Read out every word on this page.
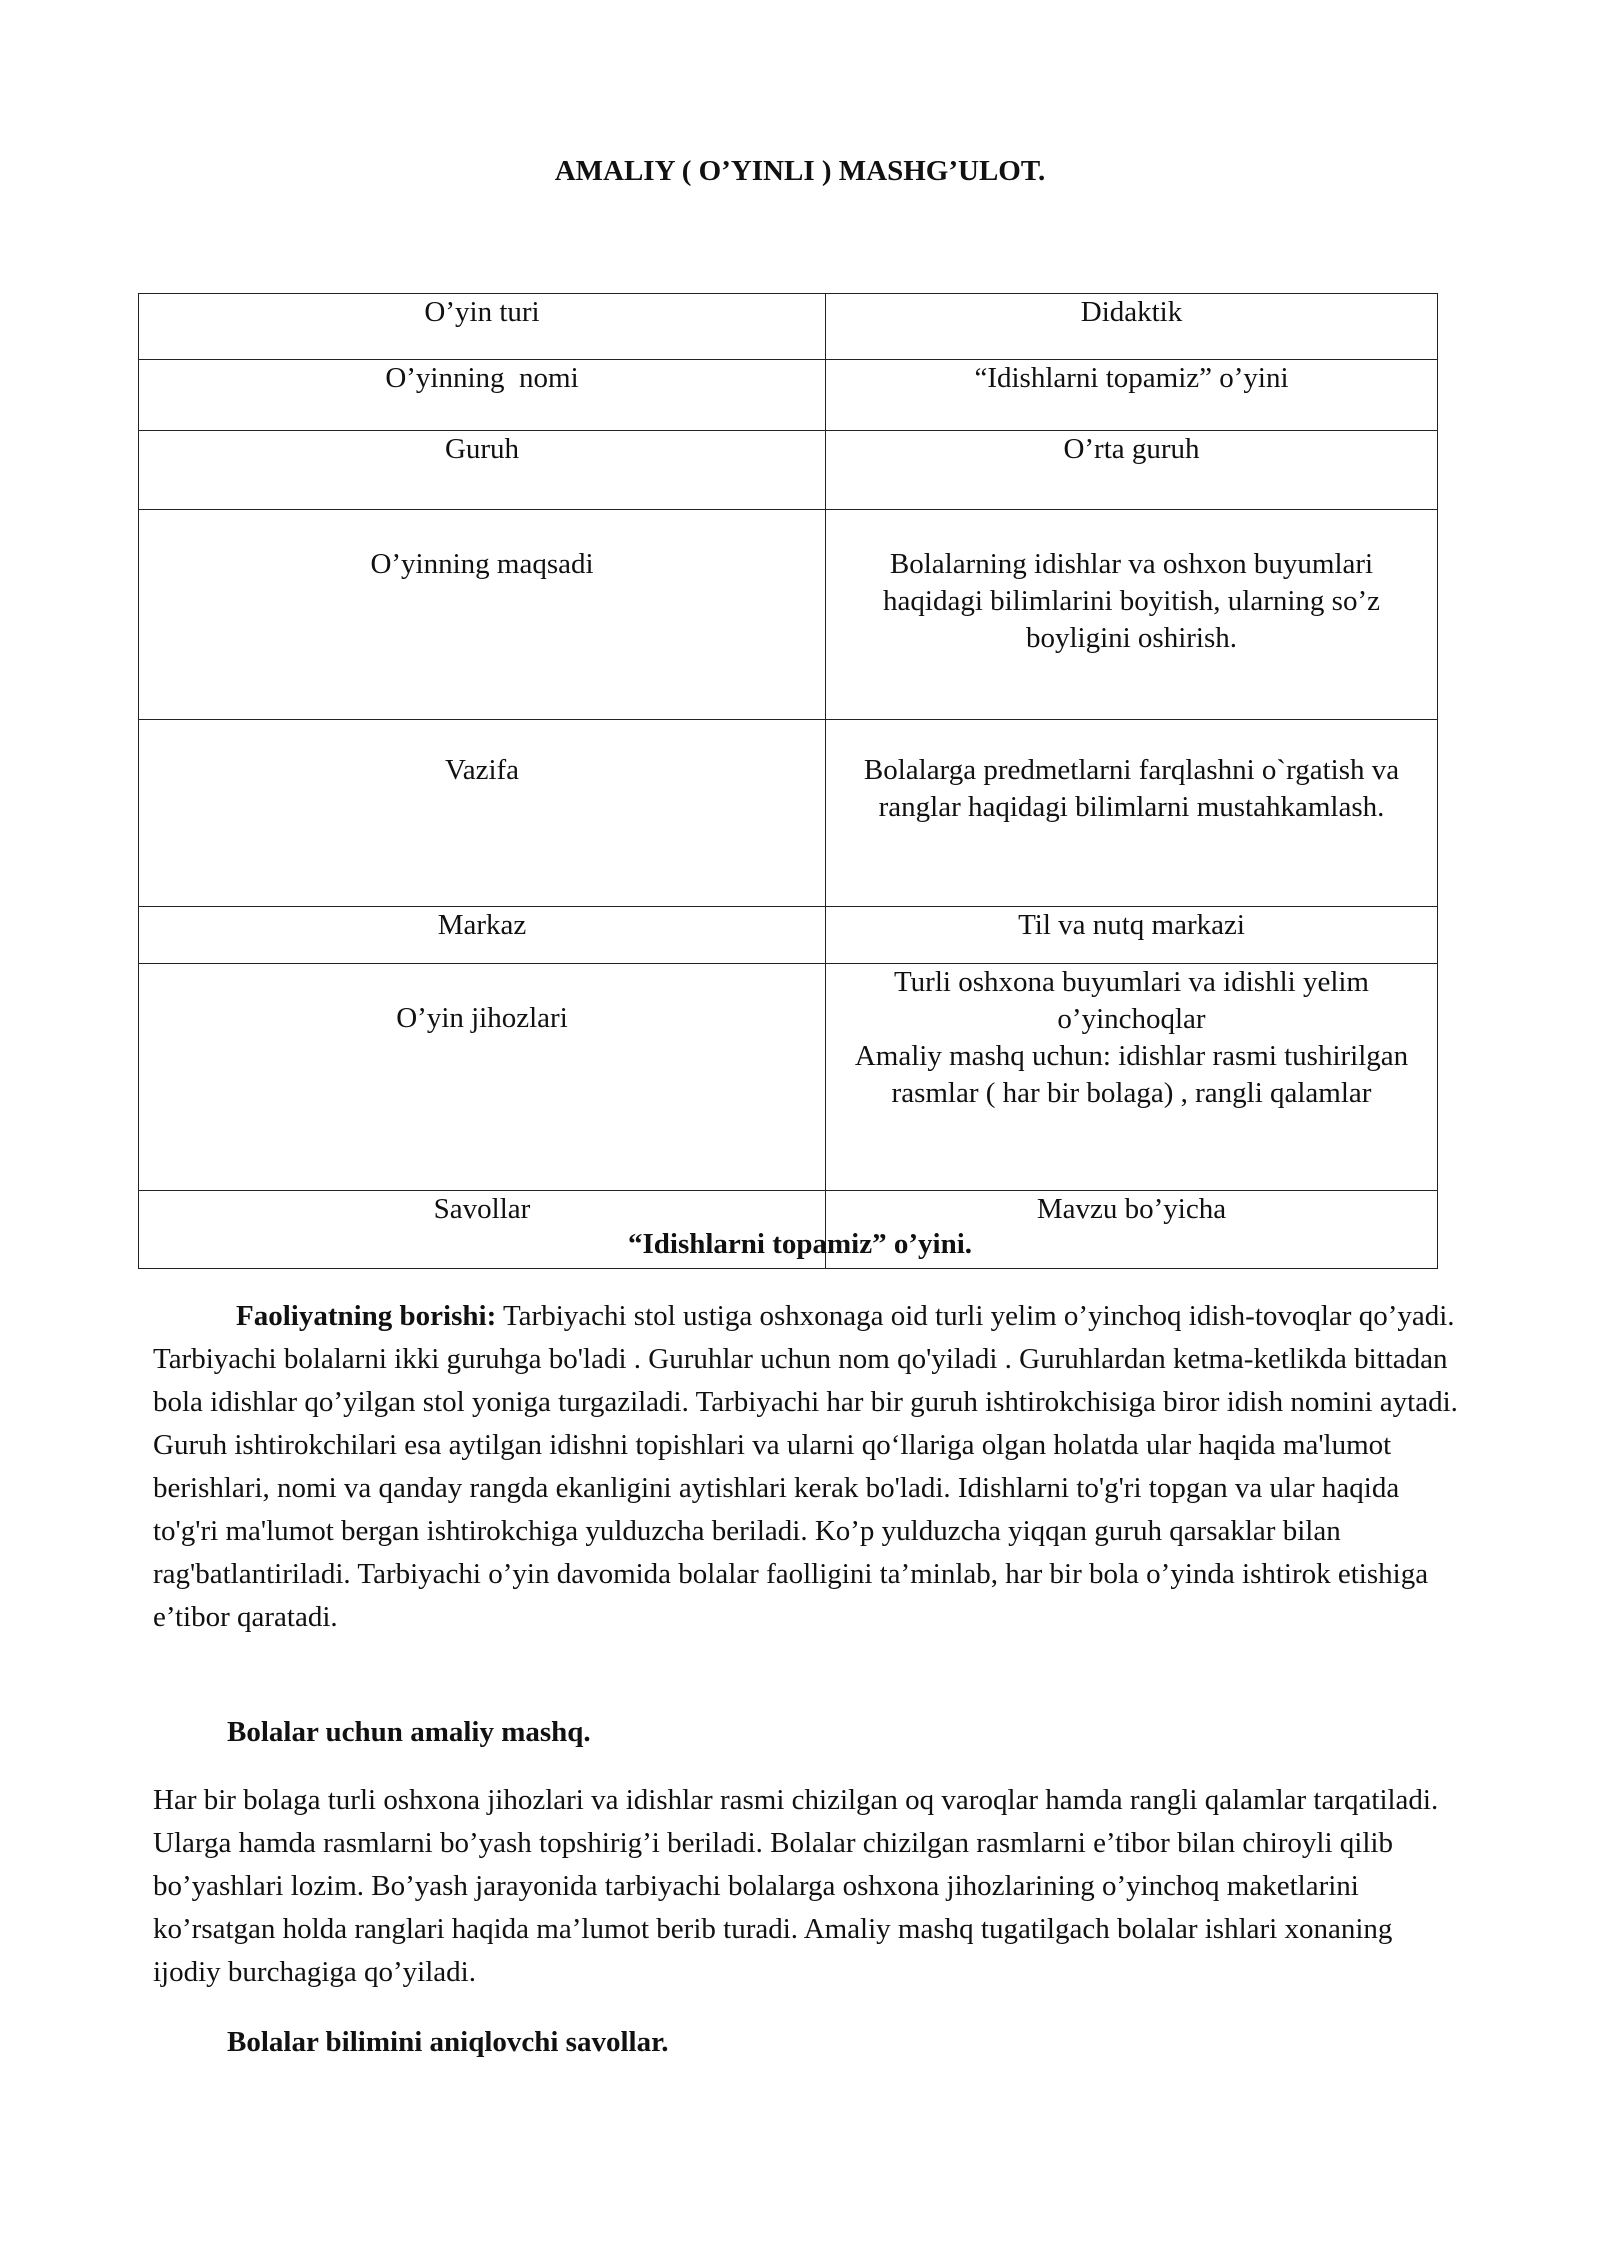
AMALIY ( O’YINLI ) MASHG’ULOT.
O’yin turi	Didaktik
O’yinning  nomi	“Idishlarni topamiz” o’yini
Guruh	O’rta guruh
O’yinning maqsadi	Bolalarning idishlar va oshxon buyumlari haqidagi bilimlarini boyitish, ularning so’z boyligini oshirish.
Vazifa	Bolalarga predmetlarni farqlashni o`rgatish va ranglar haqidagi bilimlarni mustahkamlash.
Markaz	Til va nutq markazi
O’yin jihozlari	Turli oshxona buyumlari va idishli yelim o’yinchoqlar
Amaliy mashq uchun: idishlar rasmi tushirilgan rasmlar ( har bir bolaga) , rangli qalamlar

Savollar	Mavzu bo’yicha
“Idishlarni topamiz” o’yini.
Faoliyatning borishi: Tarbiyachi stol ustiga oshxonaga oid turli yelim o’yinchoq idish-tovoqlar qo’yadi. Tarbiyachi bolalarni ikki guruhga bo'ladi . Guruhlar uchun nom qo'yiladi . Guruhlardan ketma-ketlikda bittadan bola idishlar qo’yilgan stol yoniga turgaziladi. Tarbiyachi har bir guruh ishtirokchisiga biror idish nomini aytadi. Guruh ishtirokchilari esa aytilgan idishni topishlari va ularni qo‘llariga olgan holatda ular haqida ma'lumot berishlari, nomi va qanday rangda ekanligini aytishlari kerak bo'ladi. Idishlarni to'g'ri topgan va ular haqida to'g'ri ma'lumot bergan ishtirokchiga yulduzcha beriladi. Ko’p yulduzcha yiqqan guruh qarsaklar bilan rag'batlantiriladi. Tarbiyachi o’yin davomida bolalar faolligini ta’minlab, har bir bola o’yinda ishtirok etishiga e’tibor qaratadi.
Bolalar uchun amaliy mashq.
Har bir bolaga turli oshxona jihozlari va idishlar rasmi chizilgan oq varoqlar hamda rangli qalamlar tarqatiladi. Ularga hamda rasmlarni bo’yash topshirig’i beriladi. Bolalar chizilgan rasmlarni e’tibor bilan chiroyli qilib bo’yashlari lozim. Bo’yash jarayonida tarbiyachi bolalarga oshxona jihozlarining o’yinchoq maketlarini ko’rsatgan holda ranglari haqida ma’lumot berib turadi. Amaliy mashq tugatilgach bolalar ishlari xonaning ijodiy burchagiga qo’yiladi.
Bolalar bilimini aniqlovchi savollar.
